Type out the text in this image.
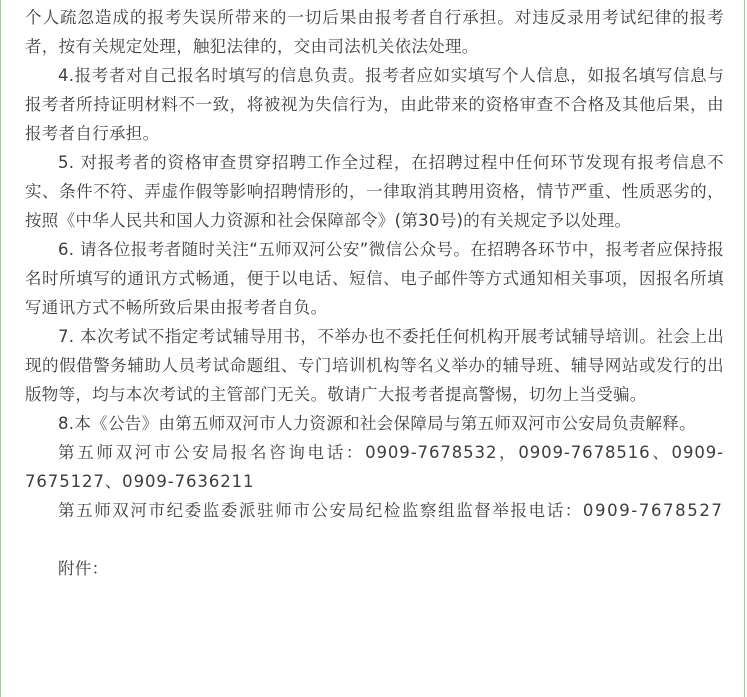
个人疏忽造成的报考失误所带来的一切后果由报考者自行承担。对违反录用考试纪律的报考者，按有关规定处理，触犯法律的，交由司法机关依法处理。

4.报考者对自己报名时填写的信息负责。报考者应如实填写个人信息，如报名填写信息与报考者所持证明材料不一致，将被视为失信行为，由此带来的资格审查不合格及其他后果，由报考者自行承担。

5. 对报考者的资格审查贯穿招聘工作全过程，在招聘过程中任何环节发现有报考信息不实、条件不符、弄虚作假等影响招聘情形的，一律取消其聘用资格，情节严重、性质恶劣的，按照《中华人民共和国人力资源和社会保障部令》(第30号)的有关规定予以处理。

6. 请各位报考者随时关注“五师双河公安”微信公众号。在招聘各环节中，报考者应保持报名时所填写的通讯方式畅通，便于以电话、短信、电子邮件等方式通知相关事项，因报名所填写通讯方式不畅所致后果由报考者自负。

7. 本次考试不指定考试辅导用书，不举办也不委托任何机构开展考试辅导培训。社会上出现的假借警务辅助人员考试命题组、专门培训机构等名义举办的辅导班、辅导网站或发行的出版物等，均与本次考试的主管部门无关。敬请广大报考者提高警惕，切勿上当受骗。

8.本《公告》由第五师双河市人力资源和社会保障局与第五师双河市公安局负责解释。

第五师双河市公安局报名咨询电话：0909-7678532，0909-7678516、0909-7675127、0909-7636211

第五师双河市纪委监委派驻师市公安局纪检监察组监督举报电话：0909-7678527

附件：
